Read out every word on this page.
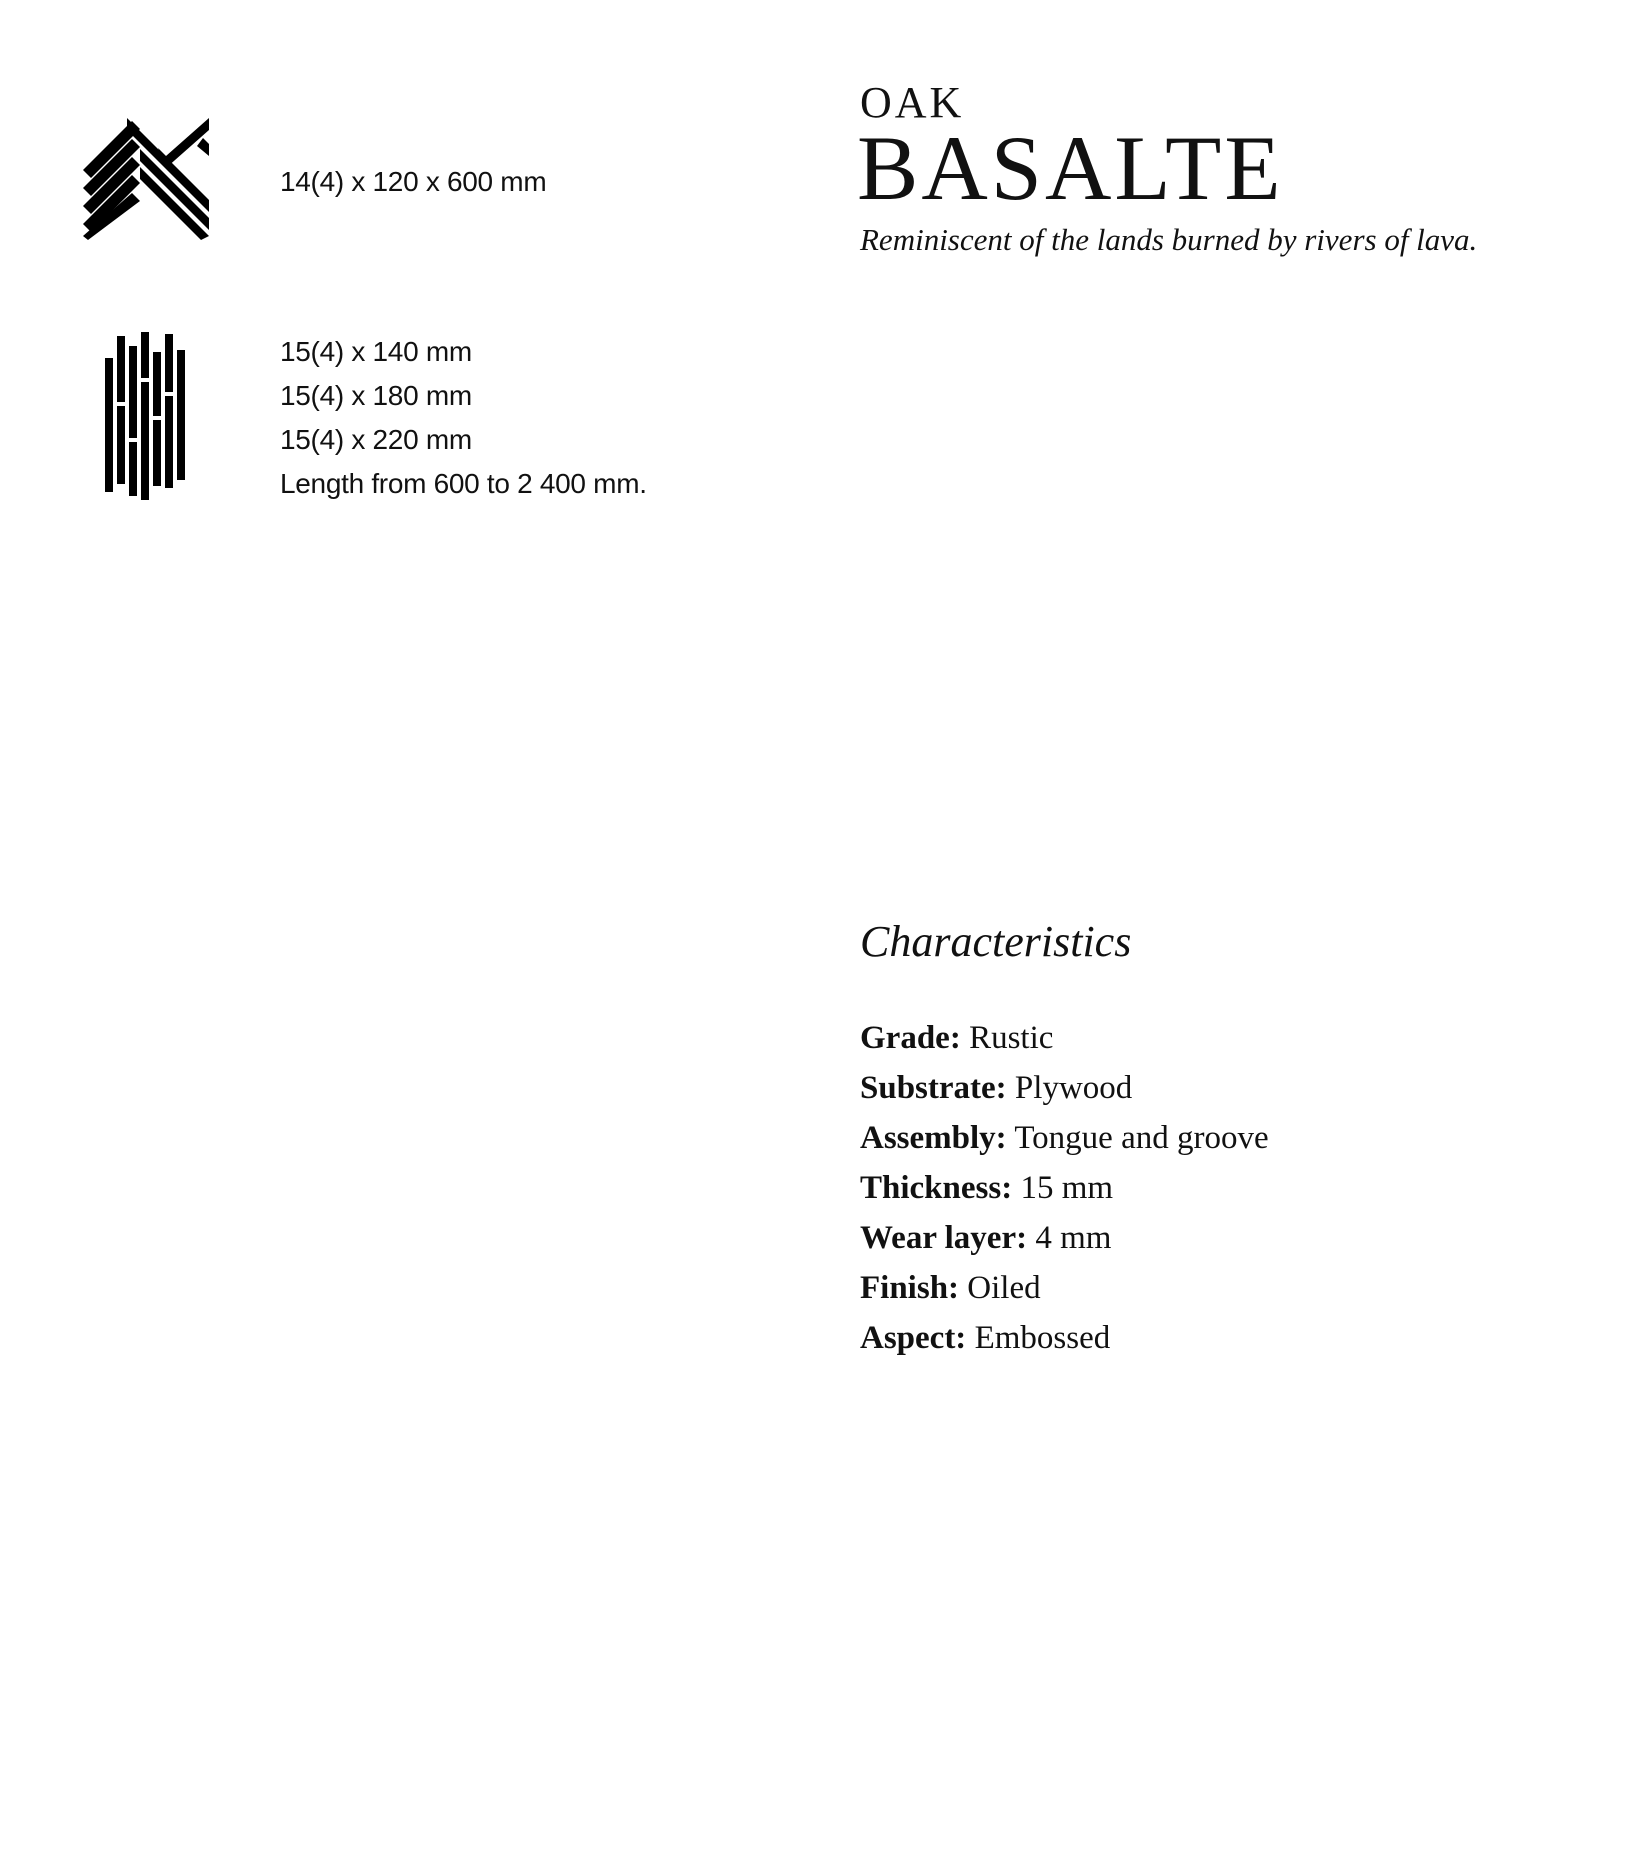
14(4) x 120 x 600 mm
15(4) x 140 mm
15(4) x 180 mm
15(4) x 220 mm
Length from 600 to 2 400 mm.
OAK
BASALTE
Reminiscent of the lands burned by rivers of lava.
Characteristics
Grade: Rustic
Substrate: Plywood
Assembly: Tongue and groove
Thickness: 15 mm
Wear layer: 4 mm
Finish: Oiled
Aspect: Embossed
